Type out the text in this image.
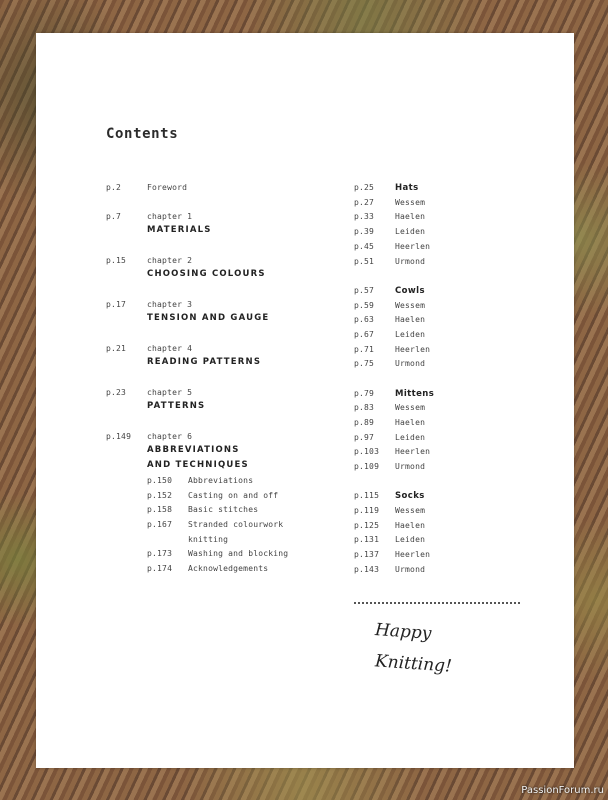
Contents
p.2	Foreword
p.7	chapter 1
MATERIALS
p.15	chapter 2
CHOOSING COLOURS
p.17	chapter 3
TENSION AND GAUGE
p.21	chapter 4
READING PATTERNS
p.23	chapter 5
PATTERNS
p.149 chapter 6
ABBREVIATIONS
AND TECHNIQUES
p.150 Abbreviations
p.152 Casting on and off
p.158 Basic stitches
p.167 Stranded colourwork
knitting
p.173 Washing and blocking
p.174 Acknowledgements
p.25 Hats
p.27	Wessem
p.33	Haelen
p.39	Leiden
p.45	Heerlen
p.51	Urmond
p.57 Cowls
p.59	Wessem
p.63	Haelen
p.67	Leiden
p.71	Heerlen
p.75	Urmond
p.79 Mittens
p.83	Wessem
p.89	Haelen
p.97	Leiden
p.103 Heerlen
p.109 Urmond
p.115 Socks
p.119 Wessem
p.125 Haelen
p.131 Leiden
p.137 Heerlen
p.143 Urmond
Happy
Knitting!
PassionForum.ru
